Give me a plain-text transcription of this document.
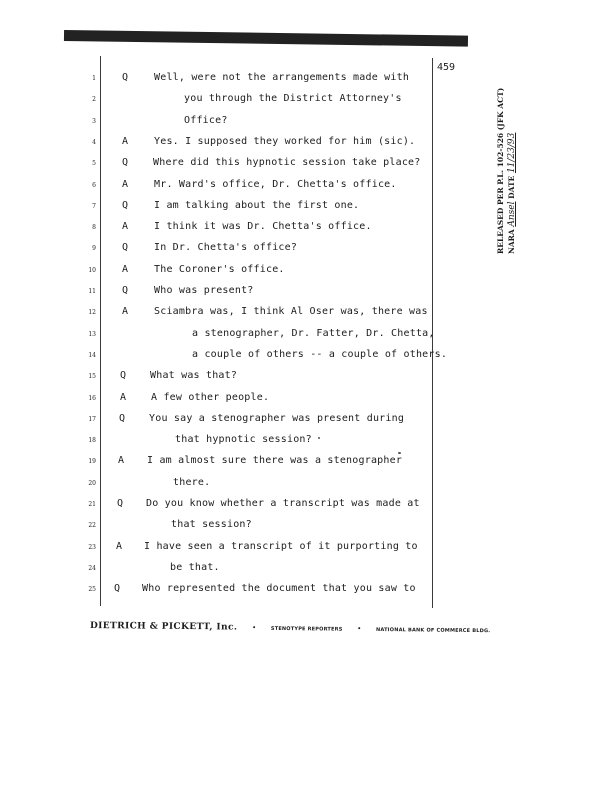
459
1	Q	Well, were not the arrangements made with
2	you through the District Attorney's
3	Office?
4	A	Yes. I supposed they worked for him (sic).
5	Q Where did this hypnotic session take place?
6	A	Mr. Ward's office, Dr. Chetta's office.
7	Q	I am talking about the first one.
8	A	I think it was Dr. Chetta's office.
9	Q	In Dr. Chetta's office?
10	A	The Coroner's office.
11	Q	Who was present?
12	A	Sciambra was, I think Al Oser was, there was
13	a stenographer, Dr. Fatter, Dr. Chetta,
14	a couple of others -- a couple of others.
15 Q What was that?
16 A A few other people.
17 Q You say a stenographer was present during
18	that hypnotic session?
19 A I am almost sure there was a stenographer
20	there.
21 Q Do you know whether a transcript was made at
22	that session?
23 A I have seen a transcript of it purporting to
24	be that.
25 Q Who represented the document that you saw to
DIETRICH & PICKETT, Inc. •	STENOTYPE REPORTERS •	NATIONAL BANK OF COMMERCE BLDG.
RELEASED PER P.L. 102-526 (JFK ACT) NARA Ansel DATE 11/23/93
